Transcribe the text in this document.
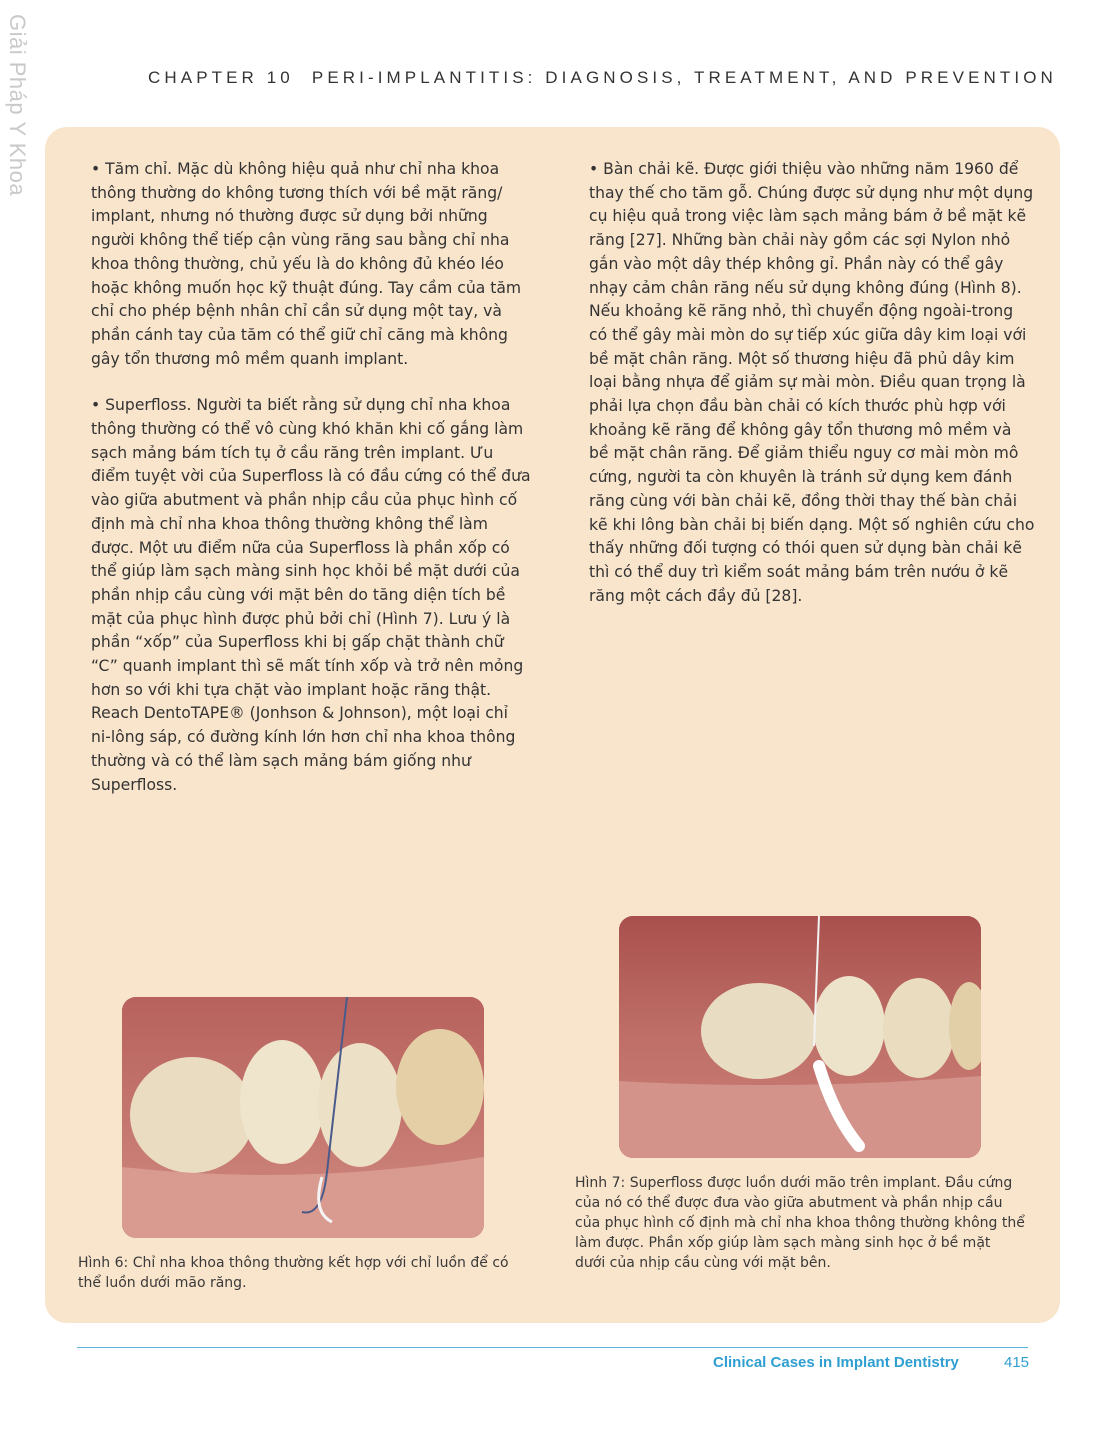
Giải Pháp Y Khoa	CHAPTER 10 PERI-IMPLANTITIS: DIAGNOSIS, TREATMENT, AND PREVENTION

• Tăm chỉ. Mặc dù không hiệu quả như chỉ nha khoa thông thường do không tương thích với bề mặt răng/ implant, nhưng nó thường được sử dụng bởi những người không thể tiếp cận vùng răng sau bằng chỉ nha khoa thông thường, chủ yếu là do không đủ khéo léo hoặc không muốn học kỹ thuật đúng. Tay cầm của tăm chỉ cho phép bệnh nhân chỉ cần sử dụng một tay, và phần cánh tay của tăm có thể giữ chỉ căng mà không gây tổn thương mô mềm quanh implant.

• Superfloss. Người ta biết rằng sử dụng chỉ nha khoa thông thường có thể vô cùng khó khăn khi cố gắng làm sạch mảng bám tích tụ ở cầu răng trên implant. Ưu điểm tuyệt vời của Superfloss là có đầu cứng có thể đưa vào giữa abutment và phần nhịp cầu của phục hình cố định mà chỉ nha khoa thông thường không thể làm được. Một ưu điểm nữa của Superfloss là phần xốp có thể giúp làm sạch màng sinh học khỏi bề mặt dưới của phần nhịp cầu cùng với mặt bên do tăng diện tích bề mặt của phục hình được phủ bởi chỉ (Hình 7). Lưu ý là phần “xốp” của Superfloss khi bị gấp chặt thành chữ “C” quanh implant thì sẽ mất tính xốp và trở nên mỏng hơn so với khi tựa chặt vào implant hoặc răng thật.

Reach DentoTAPE® (Jonhson & Johnson), một loại chỉ ni-lông sáp, có đường kính lớn hơn chỉ nha khoa thông thường và có thể làm sạch mảng bám giống như Superfloss.

• Bàn chải kẽ. Được giới thiệu vào những năm 1960 để thay thế cho tăm gỗ. Chúng được sử dụng như một dụng cụ hiệu quả trong việc làm sạch mảng bám ở bề mặt kẽ răng [27]. Những bàn chải này gồm các sợi Nylon nhỏ gắn vào một dây thép không gỉ. Phần này có thể gây nhạy cảm chân răng nếu sử dụng không đúng (Hình 8). Nếu khoảng kẽ răng nhỏ, thì chuyển động ngoài-trong có thể gây mài mòn do sự tiếp xúc giữa dây kim loại với bề mặt chân răng. Một số thương hiệu đã phủ dây kim loại bằng nhựa để giảm sự mài mòn. Điều quan trọng là phải lựa chọn đầu bàn chải có kích thước phù hợp với khoảng kẽ răng để không gây tổn thương mô mềm và bề mặt chân răng. Để giảm thiểu nguy cơ mài mòn mô cứng, người ta còn khuyên là tránh sử dụng kem đánh răng cùng với bàn chải kẽ, đồng thời thay thế bàn chải kẽ khi lông bàn chải bị biến dạng. Một số nghiên cứu cho thấy những đối tượng có thói quen sử dụng bàn chải kẽ thì có thể duy trì kiểm soát mảng bám trên nướu ở kẽ răng một cách đầy đủ [28].

Hình 6: Chỉ nha khoa thông thường kết hợp với chỉ luồn để có thể luồn dưới mão răng.
Hình 7: Superfloss được luồn dưới mão trên implant. Đầu cứng của nó có thể được đưa vào giữa abutment và phần nhịp cầu của phục hình cố định mà chỉ nha khoa thông thường không thể làm được. Phần xốp giúp làm sạch màng sinh học ở bề mặt dưới của nhịp cầu cùng với mặt bên.
Clinical Cases in Implant Dentistry	415
